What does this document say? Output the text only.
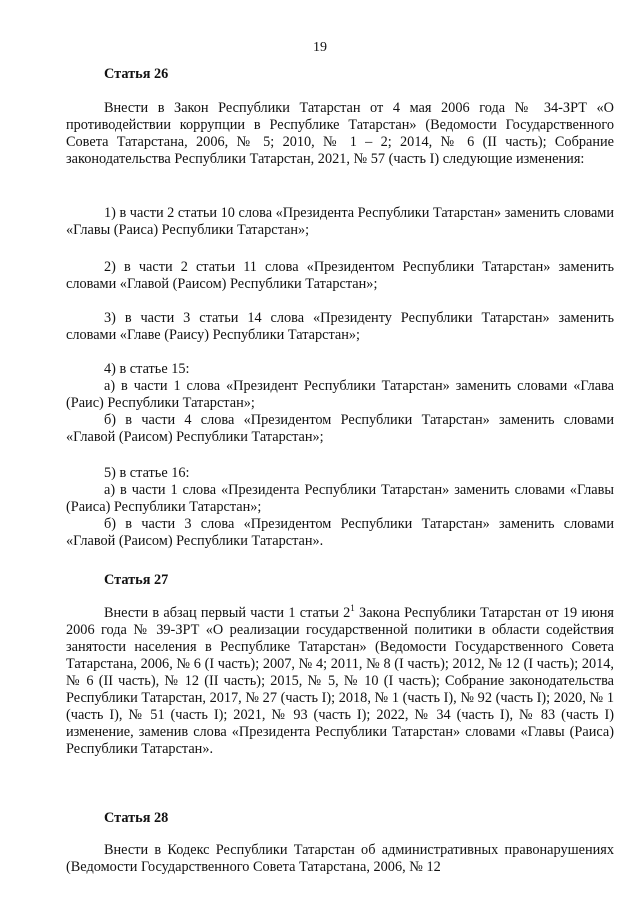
19

Статья 26

Внести в Закон Республики Татарстан от 4 мая 2006 года № 34-ЗРТ «О противодействии коррупции в Республике Татарстан» (Ведомости Государственного Совета Татарстана, 2006, № 5; 2010, № 1 – 2; 2014, № 6 (II часть); Собрание законодательства Республики Татарстан, 2021, № 57 (часть I) следующие изменения:

1) в части 2 статьи 10 слова «Президента Республики Татарстан» заменить словами «Главы (Раиса) Республики Татарстан»;

2) в части 2 статьи 11 слова «Президентом Республики Татарстан» заменить словами «Главой (Раисом) Республики Татарстан»;

3) в части 3 статьи 14 слова «Президенту Республики Татарстан» заменить словами «Главе (Раису) Республики Татарстан»;

4) в статье 15:

а) в части 1 слова «Президент Республики Татарстан» заменить словами «Глава (Раис) Республики Татарстан»;

б) в части 4 слова «Президентом Республики Татарстан» заменить словами «Главой (Раисом) Республики Татарстан»;

5) в статье 16:

а) в части 1 слова «Президента Республики Татарстан» заменить словами «Главы (Раиса) Республики Татарстан»;

б) в части 3 слова «Президентом Республики Татарстан» заменить словами «Главой (Раисом) Республики Татарстан».

Статья 27

Внести в абзац первый части 1 статьи $2^1$ Закона Республики Татарстан от 19 июня 2006 года № 39-ЗРТ «О реализации государственной политики в области содействия занятости населения в Республике Татарстан» (Ведомости Государственного Совета Татарстана, 2006, № 6 (I часть); 2007, № 4; 2011, № 8 (I часть); 2012, № 12 (I часть); 2014, № 6 (II часть), № 12 (II часть); 2015, № 5, № 10 (I часть); Собрание законодательства Республики Татарстан, 2017, № 27 (часть I); 2018, № 1 (часть I), № 92 (часть I); 2020, № 1 (часть I), № 51 (часть I); 2021, № 93 (часть I); 2022, № 34 (часть I), № 83 (часть I) изменение, заменив слова «Президента Республики Татарстан» словами «Главы (Раиса) Республики Татарстан».

Статья 28

Внести в Кодекс Республики Татарстан об административных правонарушениях (Ведомости Государственного Совета Татарстана, 2006, № 12
